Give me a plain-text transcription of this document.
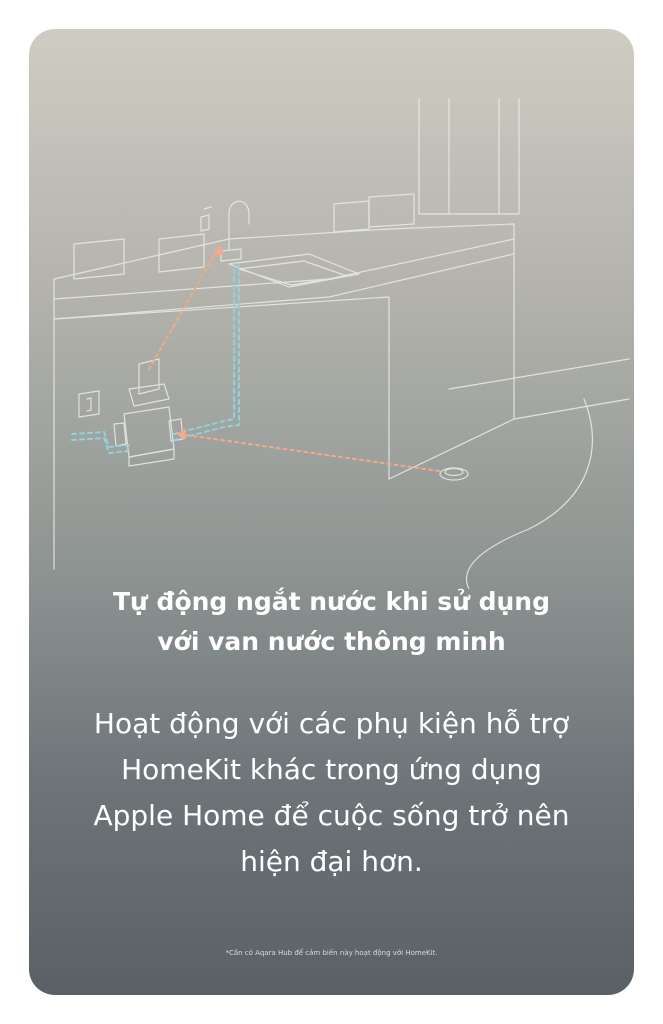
Tự động ngắt nước khi sử dụng
với van nước thông minh

Hoạt động với các phụ kiện hỗ trợ
HomeKit khác trong ứng dụng
Apple Home để cuộc sống trở nên
hiện đại hơn.

*Cần có Aqara Hub để cảm biến này hoạt động với HomeKit.
